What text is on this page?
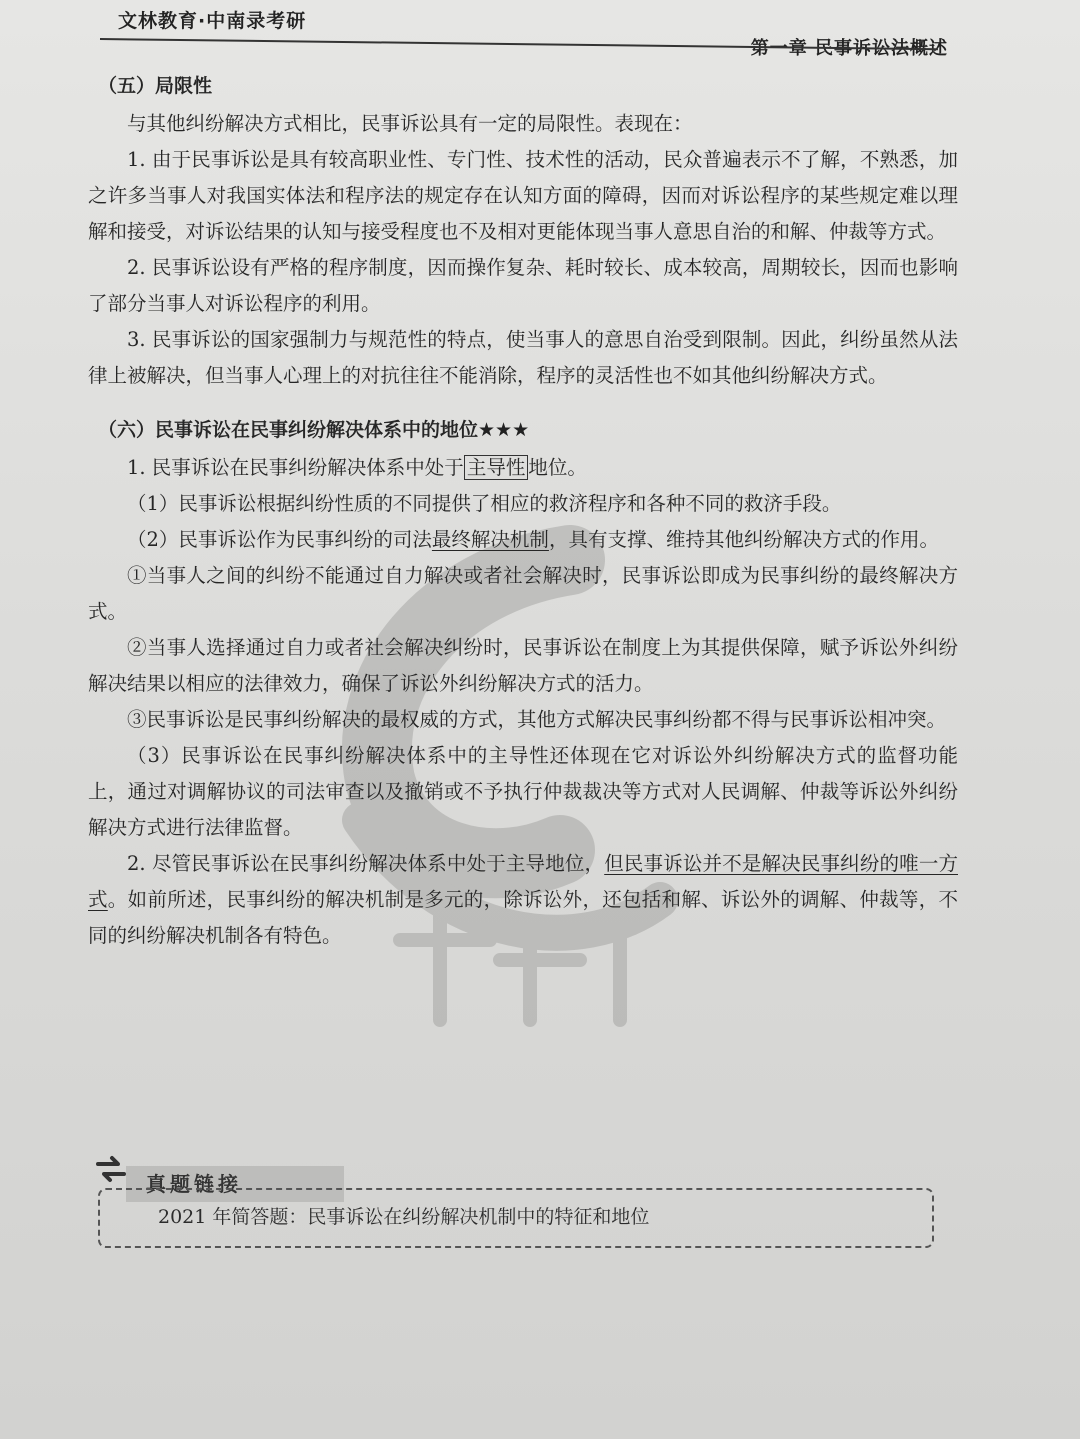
文林教育·中南录考研
第一章 民事诉讼法概述
（五）局限性

与其他纠纷解决方式相比，民事诉讼具有一定的局限性。表现在：

1. 由于民事诉讼是具有较高职业性、专门性、技术性的活动，民众普遍表示不了解，不熟悉，加之许多当事人对我国实体法和程序法的规定存在认知方面的障碍，因而对诉讼程序的某些规定难以理解和接受，对诉讼结果的认知与接受程度也不及相对更能体现当事人意思自治的和解、仲裁等方式。

2. 民事诉讼设有严格的程序制度，因而操作复杂、耗时较长、成本较高，周期较长，因而也影响了部分当事人对诉讼程序的利用。

3. 民事诉讼的国家强制力与规范性的特点，使当事人的意思自治受到限制。因此，纠纷虽然从法律上被解决，但当事人心理上的对抗往往不能消除，程序的灵活性也不如其他纠纷解决方式。

（六）民事诉讼在民事纠纷解决体系中的地位★★★

1. 民事诉讼在民事纠纷解决体系中处于 主导性 地位。

（1）民事诉讼根据纠纷性质的不同提供了相应的救济程序和各种不同的救济手段。

（2）民事诉讼作为民事纠纷的司法最终解决机制，具有支撑、维持其他纠纷解决方式的作用。

①当事人之间的纠纷不能通过自力解决或者社会解决时，民事诉讼即成为民事纠纷的最终解决方式。

②当事人选择通过自力或者社会解决纠纷时，民事诉讼在制度上为其提供保障，赋予诉讼外纠纷解决结果以相应的法律效力，确保了诉讼外纠纷解决方式的活力。

③民事诉讼是民事纠纷解决的最权威的方式，其他方式解决民事纠纷都不得与民事诉讼相冲突。

（3）民事诉讼在民事纠纷解决体系中的主导性还体现在它对诉讼外纠纷解决方式的监督功能上，通过对调解协议的司法审查以及撤销或不予执行仲裁裁决等方式对人民调解、仲裁等诉讼外纠纷解决方式进行法律监督。

2. 尽管民事诉讼在民事纠纷解决体系中处于主导地位，但民事诉讼并不是解决民事纠纷的唯一方式。如前所述，民事纠纷的解决机制是多元的，除诉讼外，还包括和解、诉讼外的调解、仲裁等，不同的纠纷解决机制各有特色。

真题链接
2021 年简答题：民事诉讼在纠纷解决机制中的特征和地位
